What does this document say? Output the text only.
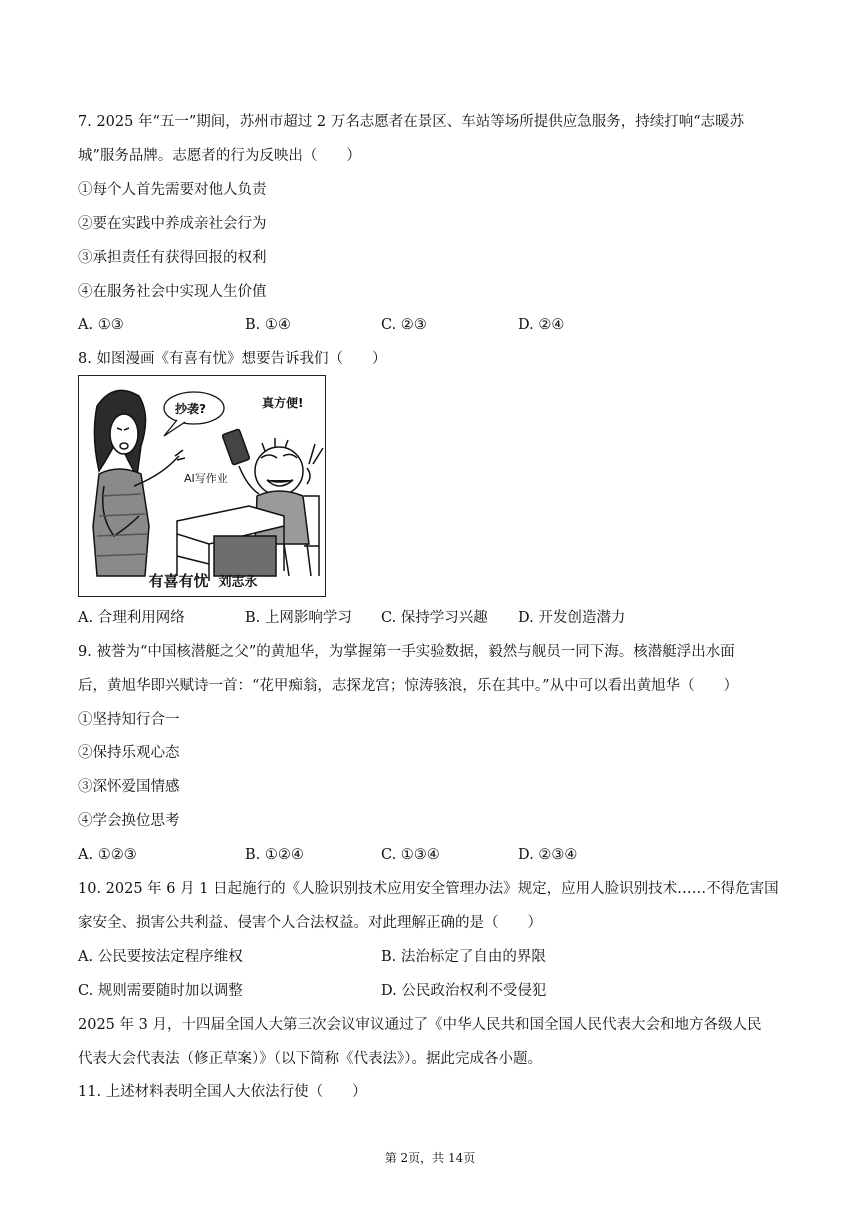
7. 2025 年“五一”期间，苏州市超过 2 万名志愿者在景区、车站等场所提供应急服务，持续打响“志暖苏
城”服务品牌。志愿者的行为反映出（　　）
①每个人首先需要对他人负责
②要在实践中养成亲社会行为
③承担责任有获得回报的权利
④在服务社会中实现人生价值
A. ①③	B. ①④	C. ②③	D. ②④
8. 如图漫画《有喜有忧》想要告诉我们（　　）
抄袭?	真方便!
AI写作业
有喜有忧 刘志永
A. 合理利用网络	B. 上网影响学习 C. 保持学习兴趣 D. 开发创造潜力
9. 被誉为“中国核潜艇之父”的黄旭华，为掌握第一手实验数据，毅然与舰员一同下海。核潜艇浮出水面
后，黄旭华即兴赋诗一首：“花甲痴翁，志探龙宫；惊涛骇浪，乐在其中。”从中可以看出黄旭华（　　）
①坚持知行合一
②保持乐观心态
③深怀爱国情感
④学会换位思考
A. ①②③	B. ①②④	C. ①③④	D. ②③④
10. 2025 年 6 月 1 日起施行的《人脸识别技术应用安全管理办法》规定，应用人脸识别技术……不得危害国
家安全、损害公共利益、侵害个人合法权益。对此理解正确的是（　　）
A. 公民要按法定程序维权	B. 法治标定了自由的界限
C. 规则需要随时加以调整	D. 公民政治权利不受侵犯
2025 年 3 月，十四届全国人大第三次会议审议通过了《中华人民共和国全国人民代表大会和地方各级人民
代表大会代表法（修正草案）》（以下简称《代表法》）。据此完成各小题。
11. 上述材料表明全国人大依法行使（　　）
第 2页，共 14页
